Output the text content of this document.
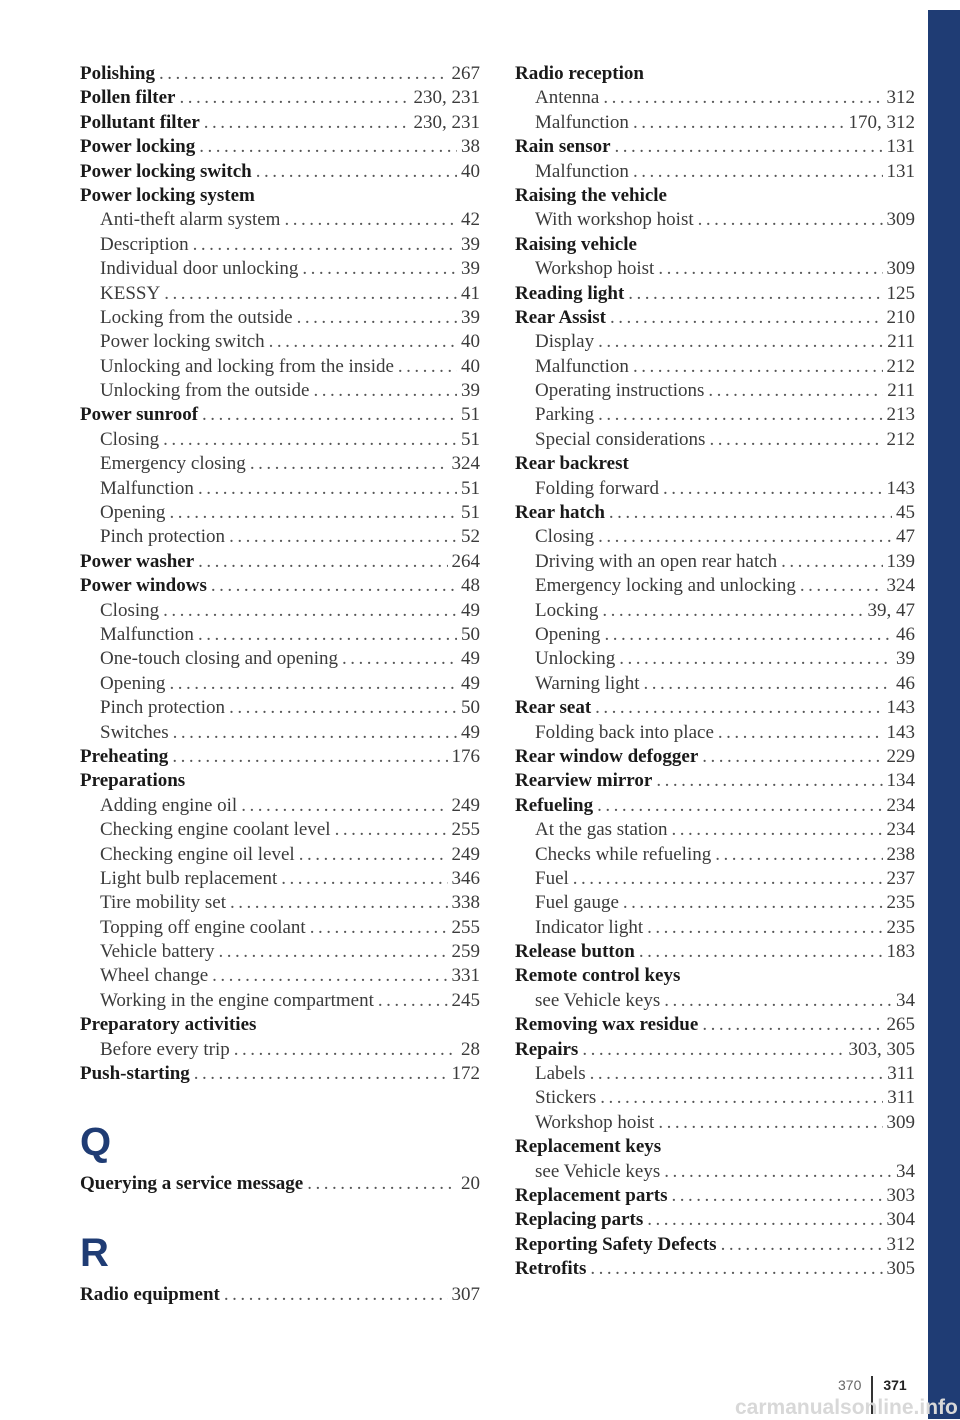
Polishing .....	267
Pollen filter .....	230, 231
Pollutant filter .....	230, 231
Power locking .....	38
Power locking switch .....	40
Power locking system
Anti-theft alarm system .....	42
Description .....	39
Individual door unlocking .....	39
KESSY .....	41
Locking from the outside .....	39
Power locking switch .....	40
Unlocking and locking from the inside .....	40
Unlocking from the outside .....	39
Power sunroof .....	51
Closing .....	51
Emergency closing .....	324
Malfunction .....	51
Opening .....	51
Pinch protection .....	52
Power washer .....	264
Power windows .....	48
Closing .....	49
Malfunction .....	50
One-touch closing and opening .....	49
Opening .....	49
Pinch protection .....	50
Switches .....	49
Preheating .....	176
Preparations
Adding engine oil .....	249
Checking engine coolant level .....	255
Checking engine oil level .....	249
Light bulb replacement .....	346
Tire mobility set .....	338
Topping off engine coolant .....	255
Vehicle battery .....	259
Wheel change .....	331
Working in the engine compartment .....	245
Preparatory activities
Before every trip .....	28
Push-starting .....	172
Q
Querying a service message .....	20
R
Radio equipment .....	307
Radio reception
Antenna .....	312
Malfunction .....	170, 312
Rain sensor .....	131
Malfunction .....	131
Raising the vehicle
With workshop hoist .....	309
Raising vehicle
Workshop hoist .....	309
Reading light .....	125
Rear Assist .....	210
Display .....	211
Malfunction .....	212
Operating instructions .....	211
Parking .....	213
Special considerations .....	212
Rear backrest
Folding forward .....	143
Rear hatch .....	45
Closing .....	47
Driving with an open rear hatch .....	139
Emergency locking and unlocking .....	324
Locking .....	39, 47
Opening .....	46
Unlocking .....	39
Warning light .....	46
Rear seat .....	143
Folding back into place .....	143
Rear window defogger .....	229
Rearview mirror .....	134
Refueling .....	234
At the gas station .....	234
Checks while refueling .....	238
Fuel .....	237
Fuel gauge .....	235
Indicator light .....	235
Release button .....	183
Remote control keys
see Vehicle keys .....	34
Removing wax residue .....	265
Repairs .....	303, 305
Labels .....	311
Stickers .....	311
Workshop hoist .....	309
Replacement keys
see Vehicle keys .....	34
Replacement parts .....	303
Replacing parts .....	304
Reporting Safety Defects .....	312
Retrofits .....	305
370 371
carmanualsonline.info
